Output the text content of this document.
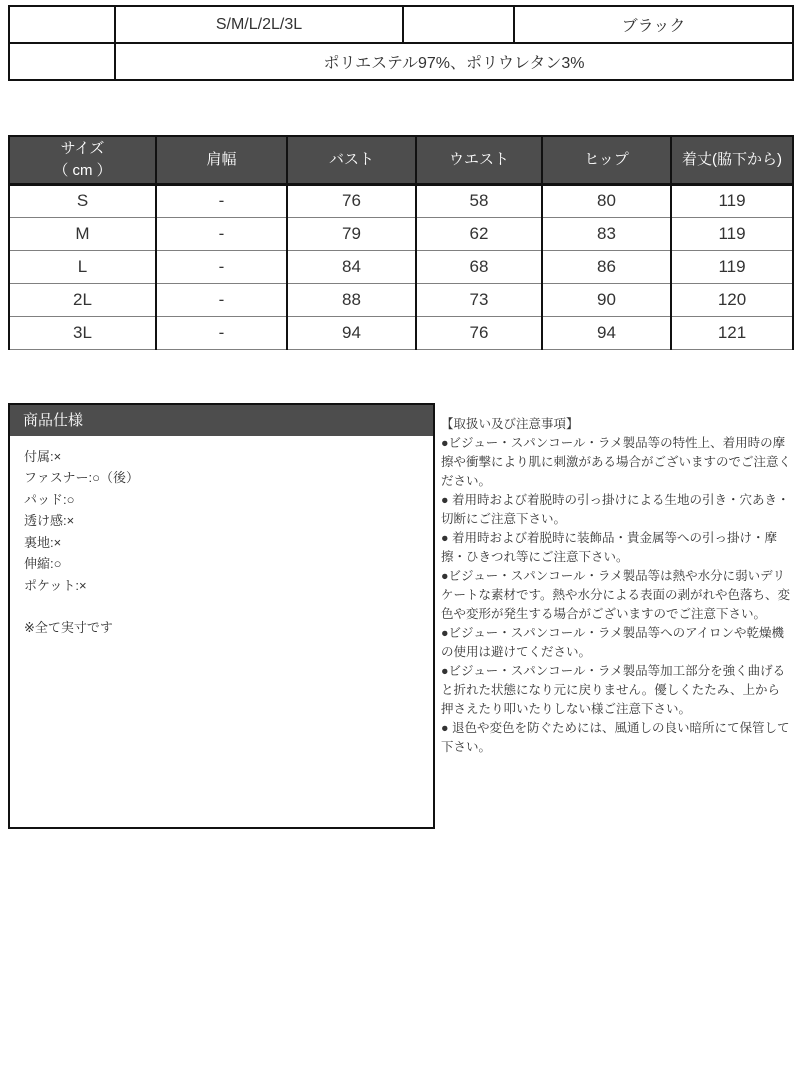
サイズ	S/M/L/2L/3L	カラー	ブラック
素材	ポリエステル97%、ポリウレタン3%		
サイズ
（ cm ）	肩幅	バスト	ウエスト	ヒップ	着丈(脇下から)
S	-	76	58	80	119
M	-	79	62	83	119
L	-	84	68	86	119
2L	-	88	73	90	120
3L	-	94	76	94	121
商品仕様
付属:×
ファスナー:○（後）
パッド:○
透け感:×
裏地:×
伸縮:○
ポケット:×
※全て実寸です

【取扱い及び注意事項】

●ビジュー・スパンコール・ラメ製品等の特性上、着用時の摩擦や衝撃により肌に刺激がある場合がございますのでご注意ください。

● 着用時および着脱時の引っ掛けによる生地の引き・穴あき・切断にご注意下さい。

● 着用時および着脱時に装飾品・貴金属等への引っ掛け・摩擦・ひきつれ等にご注意下さい。

●ビジュー・スパンコール・ラメ製品等は熱や水分に弱いデリケートな素材です。熱や水分による表面の剥がれや色落ち、変色や変形が発生する場合がございますのでご注意下さい。

●ビジュー・スパンコール・ラメ製品等へのアイロンや乾燥機の使用は避けてください。

●ビジュー・スパンコール・ラメ製品等加工部分を強く曲げると折れた状態になり元に戻りません。優しくたたみ、上から押さえたり叩いたりしない様ご注意下さい。

● 退色や変色を防ぐためには、風通しの良い暗所にて保管して下さい。
